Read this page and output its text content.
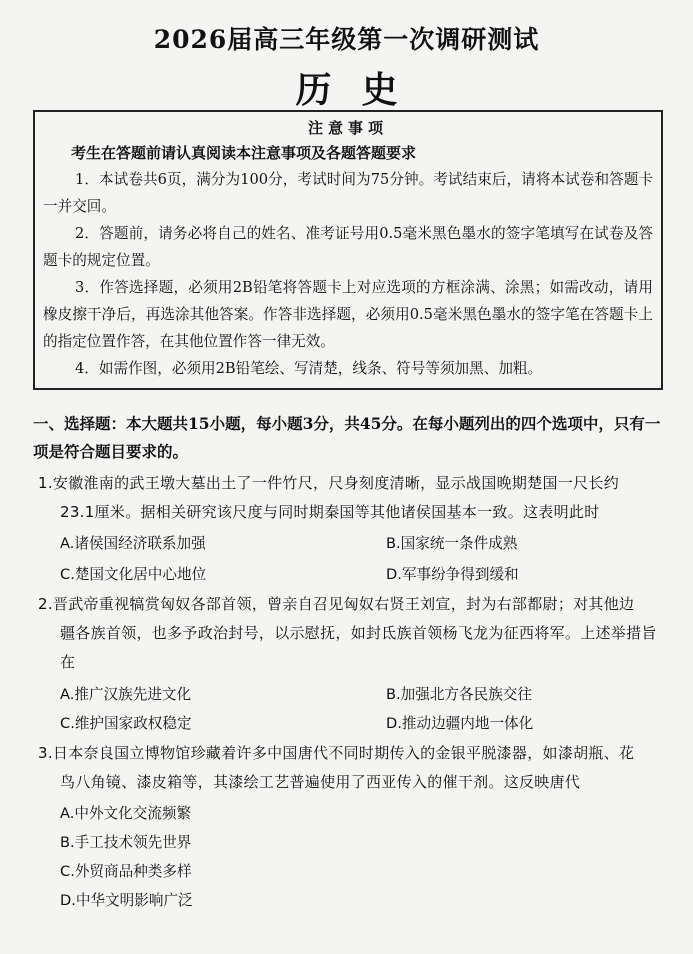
2026届高三年级第一次调研测试
历史
注意事项
考生在答题前请认真阅读本注意事项及各题答题要求
1．本试卷共6页，满分为100分，考试时间为75分钟。考试结束后，请将本试卷和答题卡一并交回。
2．答题前，请务必将自己的姓名、准考证号用0.5毫米黑色墨水的签字笔填写在试卷及答题卡的规定位置。
3．作答选择题，必须用2B铅笔将答题卡上对应选项的方框涂满、涂黑；如需改动，请用橡皮擦干净后，再选涂其他答案。作答非选择题，必须用0.5毫米黑色墨水的签字笔在答题卡上的指定位置作答，在其他位置作答一律无效。
4．如需作图，必须用2B铅笔绘、写清楚，线条、符号等须加黑、加粗。
一、选择题：本大题共15小题，每小题3分，共45分。在每小题列出的四个选项中，只有一项是符合题目要求的。
1.安徽淮南的武王墩大墓出土了一件竹尺，尺身刻度清晰，显示战国晚期楚国一尺长约
23.1厘米。据相关研究该尺度与同时期秦国等其他诸侯国基本一致。这表明此时
A.诸侯国经济联系加强	B.国家统一条件成熟
C.楚国文化居中心地位	D.军事纷争得到缓和
2.晋武帝重视犒赏匈奴各部首领，曾亲自召见匈奴右贤王刘宣，封为右部都尉；对其他边
疆各族首领，也多予政治封号，以示慰抚，如封氐族首领杨飞龙为征西将军。上述举措旨在
A.推广汉族先进文化	B.加强北方各民族交往
C.维护国家政权稳定	D.推动边疆内地一体化
3.日本奈良国立博物馆珍藏着许多中国唐代不同时期传入的金银平脱漆器，如漆胡瓶、花
鸟八角镜、漆皮箱等，其漆绘工艺普遍使用了西亚传入的催干剂。这反映唐代
A.中外文化交流频繁
B.手工技术领先世界
C.外贸商品种类多样
D.中华文明影响广泛
